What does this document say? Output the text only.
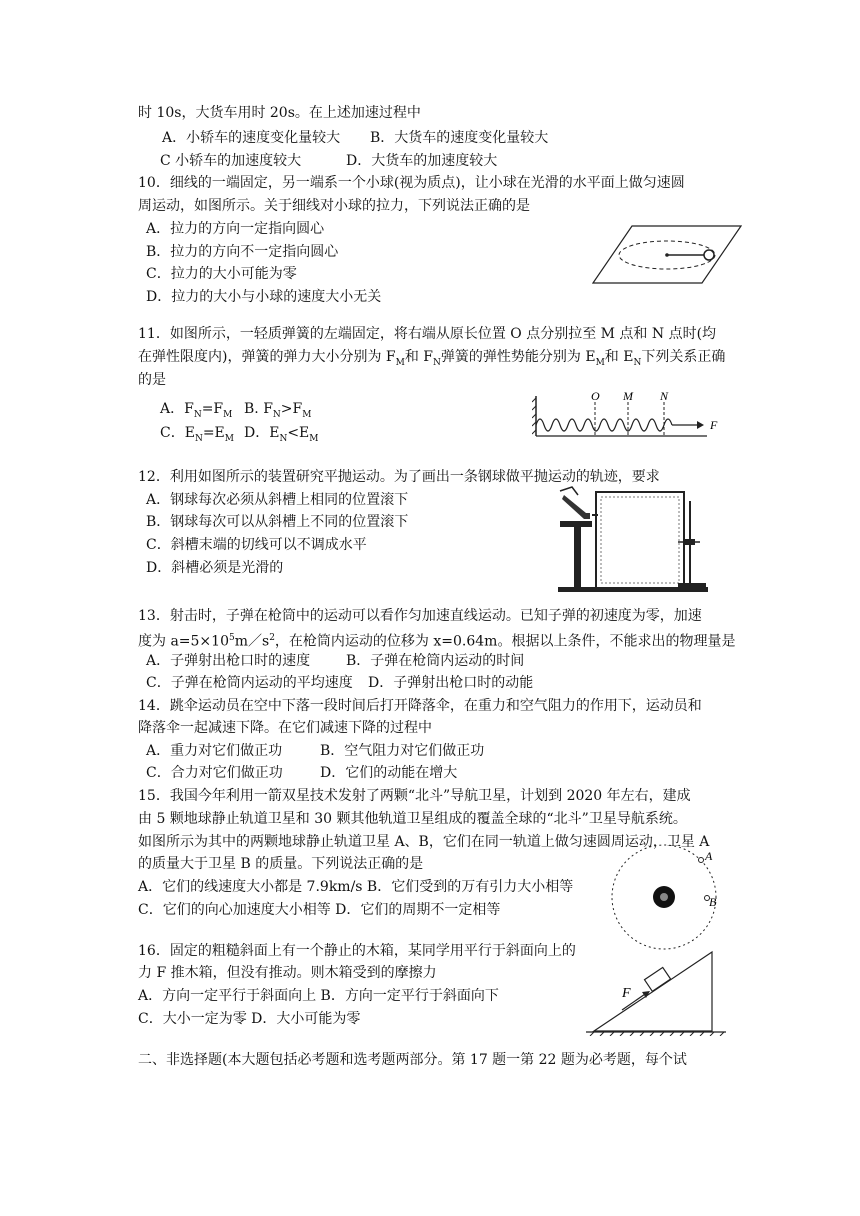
时 10s，大货车用时 20s。在上述加速过程中
A．小轿车的速度变化量较大 B．大货车的速度变化量较大
C 小轿车的加速度较大	D．大货车的加速度较大
10．细线的一端固定，另一端系一个小球(视为质点)，让小球在光滑的水平面上做匀速圆
周运动，如图所示。关于细线对小球的拉力，下列说法正确的是
A．拉力的方向一定指向圆心
B．拉力的方向不一定指向圆心
C．拉力的大小可能为零
D．拉力的大小与小球的速度大小无关
11．如图所示，一轻质弹簧的左端固定，将右端从原长位置 O 点分别拉至 M 点和 N 点时(均
在弹性限度内)，弹簧的弹力大小分别为 $F_M$和 $F_N$弹簧的弹性势能分别为 $E_M$和 $E_N$下列关系正确
的是
A．$F_N=F_M$ B. $F_N>F_M$
C．$E_N=E_M$ D．$E_N<E_M$
O M N
F
12．利用如图所示的装置研究平抛运动。为了画出一条钢球做平抛运动的轨迹，要求
A．钢球每次必须从斜槽上相同的位置滚下
B．钢球每次可以从斜槽上不同的位置滚下
C．斜槽末端的切线可以不调成水平
D．斜槽必须是光滑的
13．射击时，子弹在枪筒中的运动可以看作匀加速直线运动。已知子弹的初速度为零，加速
度为 $a=5\times 10^5m/s^2$，在枪筒内运动的位移为 x=0.64m。根据以上条件，不能求出的物理量是
A．子弹射出枪口时的速度	B．子弹在枪筒内运动的时间
C．子弹在枪筒内运动的平均速度 D．子弹射出枪口时的动能
14．跳伞运动员在空中下落一段时间后打开降落伞，在重力和空气阻力的作用下，运动员和
降落伞一起减速下降。在它们减速下降的过程中
A．重力对它们做正功	B．空气阻力对它们做正功
C．合力对它们做正功	D．它们的动能在增大
15．我国今年利用一箭双星技术发射了两颗“北斗”导航卫星，计划到 2020 年左右，建成
由 5 颗地球静止轨道卫星和 30 颗其他轨道卫星组成的覆盖全球的“北斗”卫星导航系统。
如图所示为其中的两颗地球静止轨道卫星 A、B，它们在同一轨道上做匀速圆周运动，卫星 A
的质量大于卫星 B 的质量。下列说法正确的是
A．它们的线速度大小都是 7.9km/s B．它们受到的万有引力大小相等
C．它们的向心加速度大小相等 D．它们的周期不一定相等
A
B
16．固定的粗糙斜面上有一个静止的木箱，某同学用平行于斜面向上的
力 F 推木箱，但没有推动。则木箱受到的摩擦力
A．方向一定平行于斜面向上 B．方向一定平行于斜面向下
C．大小一定为零 D．大小可能为零
F
二、非选择题(本大题包括必考题和选考题两部分。第 17 题一第 22 题为必考题，每个试
